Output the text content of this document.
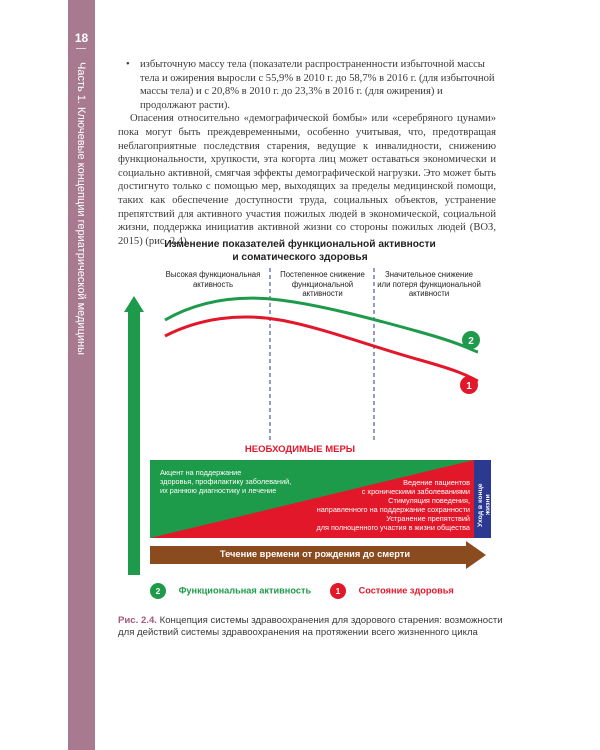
18
Часть 1. Ключевые концепции гериатрической медицины	• избыточную массу тела (показатели распространенности избыточной массы тела и ожирения выросли с 55,9% в 2010 г. до 58,7% в 2016 г. (для избыточной массы тела) и с 20,8% в 2010 г. до 23,3% в 2016 г. (для ожирения) и продолжают расти).
Опасения относительно «демографической бомбы» или «серебряного цунами» пока могут быть преждевременными, особенно учитывая, что, предотвращая неблагоприятные последствия старения, ведущие к инвалидности, снижению функциональности, хрупкости, эта когорта лиц может оставаться экономически и социально активной, смягчая эффекты демографической нагрузки. Это может быть достигнуто только с помощью мер, выходящих за пределы медицинской помощи, таких как обеспечение доступности труда, социальных объектов, устранение препятствий для активного участия пожилых людей в экономической, социальной жизни, поддержка инициатив активной жизни со стороны пожилых людей (ВОЗ, 2015) (рис. 2.4).
Изменение показателей функциональной активности
и соматического здоровья
Высокая функциональная
активность
Постепенное снижение
функциональной
активности
Значительное снижение
или потеря функциональной
активности
2
1
НЕОБХОДИМЫЕ МЕРЫ
Акцент на поддержание
здоровья, профилактику заболеваний,
их раннюю диагностику и лечение
Ведение пациентов
с хроническими заболеваниями
Стимуляция поведения,
направленного на поддержание сохранности
Устранение препятствий
для полноценного участия в жизни общества
Уход в конце
жизни
Течение времени от рождения до смерти
2 Функциональная активность	1 Состояние здоровья
Рис. 2.4. Концепция системы здравоохранения для здорового старения: возможности для действий системы здравоохранения на протяжении всего жизненного цикла
